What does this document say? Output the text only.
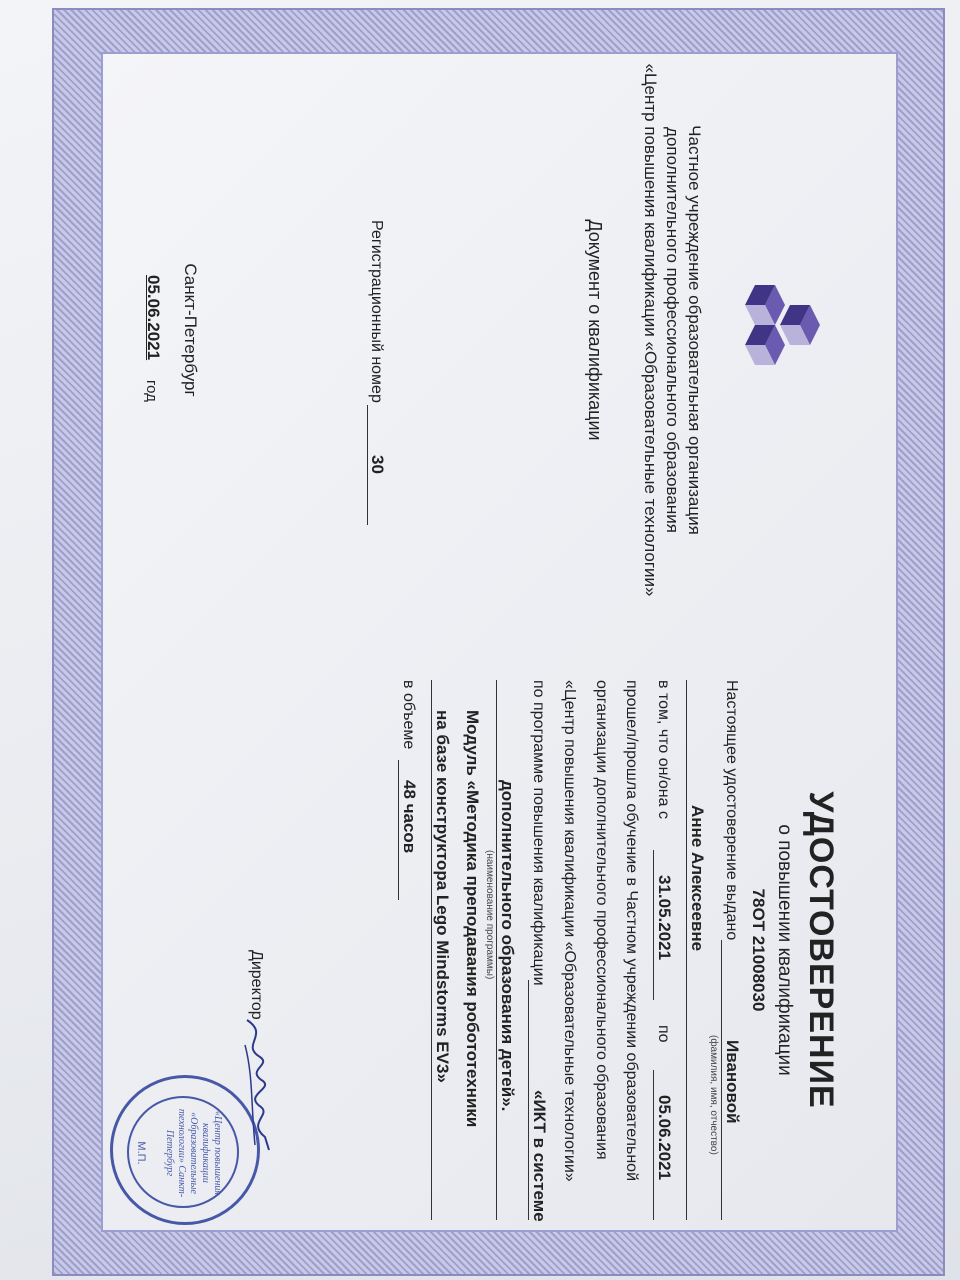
Частное учреждение образовательная организация
дополнительного профессионального образования
«Центр повышения квалификации «Образовательные технологии»
Документ о квалификации
Регистрационный номер
30
Санкт-Петербург
05.06.2021
год
УДОСТОВЕРЕНИЕ
о повышении квалификации
78ОТ 21008030
Настоящее удостоверение выдано
Ивановой
(фамилия, имя, отчество)
Анне Алексеевне
в том, что он/она с
31.05.2021
по
05.06.2021
прошел/прошла обучение в Частном учреждении образовательной
организации дополнительного профессионального образования
«Центр повышения квалификации «Образовательные технологии»
по программе повышения квалификации
«ИКТ в системе
дополнительного образования детей».
(наименование программы)
Модуль «Методика преподавания робототехники
на базе конструктора Lego Mindstorms EV3»
в объеме
48 часов
Директор
«Центр повышения квалификации «Образовательные технологии» Санкт-Петербург
М.П.
